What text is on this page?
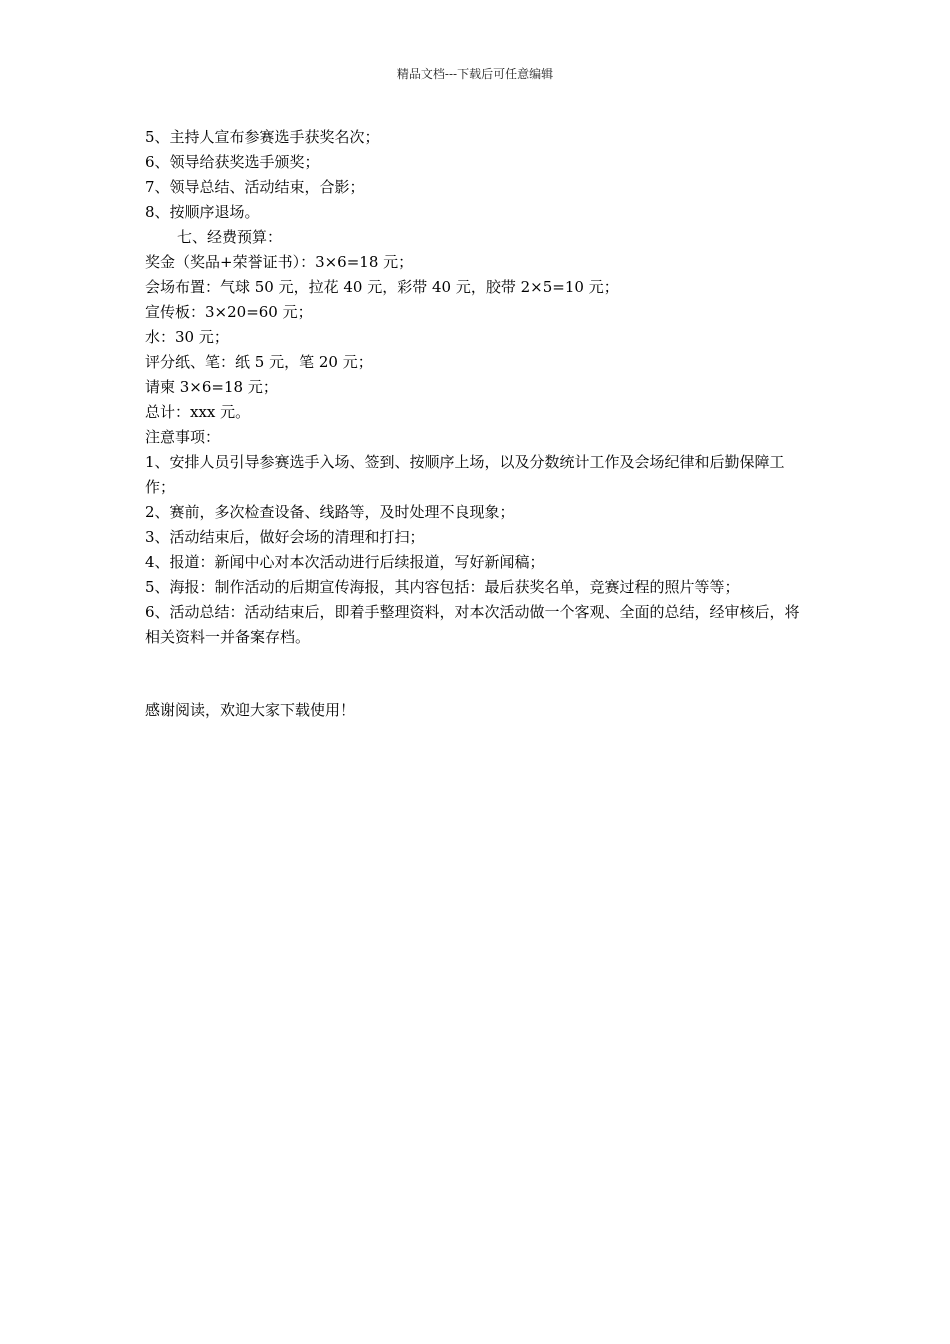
精品文档---下载后可任意编辑

5、主持人宣布参赛选手获奖名次；

6、领导给获奖选手颁奖；

7、领导总结、活动结束，合影；

8、按顺序退场。

七、经费预算：

奖金（奖品+荣誉证书）：3×6=18 元；

会场布置：气球 50 元，拉花 40 元，彩带 40 元，胶带 2×5=10 元；

宣传板：3×20=60 元；

水：30 元；

评分纸、笔：纸 5 元，笔 20 元；

请柬 3×6=18 元；

总计：xxx 元。

注意事项：

1、安排人员引导参赛选手入场、签到、按顺序上场，以及分数统计工作及会场纪律和后勤保障工作；

2、赛前，多次检查设备、线路等，及时处理不良现象；

3、活动结束后，做好会场的清理和打扫；

4、报道：新闻中心对本次活动进行后续报道，写好新闻稿；

5、海报：制作活动的后期宣传海报，其内容包括：最后获奖名单，竞赛过程的照片等等；

6、活动总结：活动结束后，即着手整理资料，对本次活动做一个客观、全面的总结，经审核后，将相关资料一并备案存档。

感谢阅读，欢迎大家下载使用！
